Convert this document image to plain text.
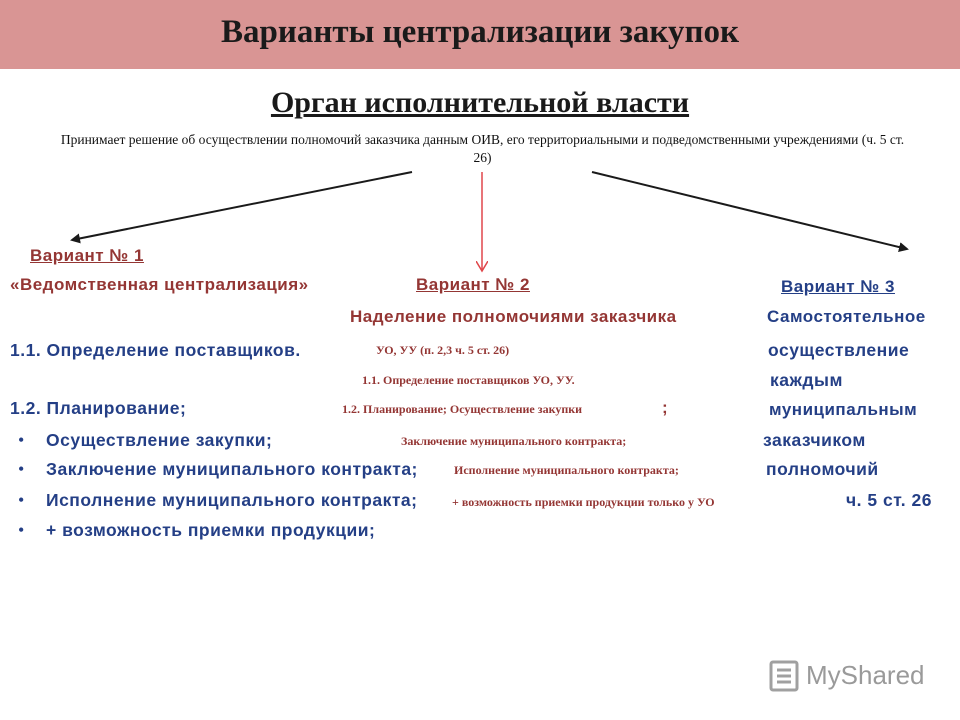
Варианты централизации закупок
Орган исполнительной власти
Принимает решение об осуществлении полномочий заказчика данным ОИВ, его территориальными и подведомственными учреждениями (ч. 5 ст. 26)
Вариант № 1
«Ведомственная централизация»
1.1. Определение поставщиков.
1.2. Планирование;
• Осуществление закупки;
• Заключение муниципального контракта;
• Исполнение муниципального контракта;
• + возможность приемки продукции;
Вариант № 2
Наделение полномочиями заказчика
УО, УУ (п. 2,3 ч. 5 ст. 26)
1.1. Определение поставщиков УО, УУ.
1.2. Планирование; Осуществление закупки	;
Заключение муниципального контракта;
Исполнение муниципального контракта;
+ возможность приемки продукции только у УО
Вариант № 3
Самостоятельное
осуществление
каждым
муниципальным
заказчиком
полномочий
ч. 5 ст. 26
MyShared
